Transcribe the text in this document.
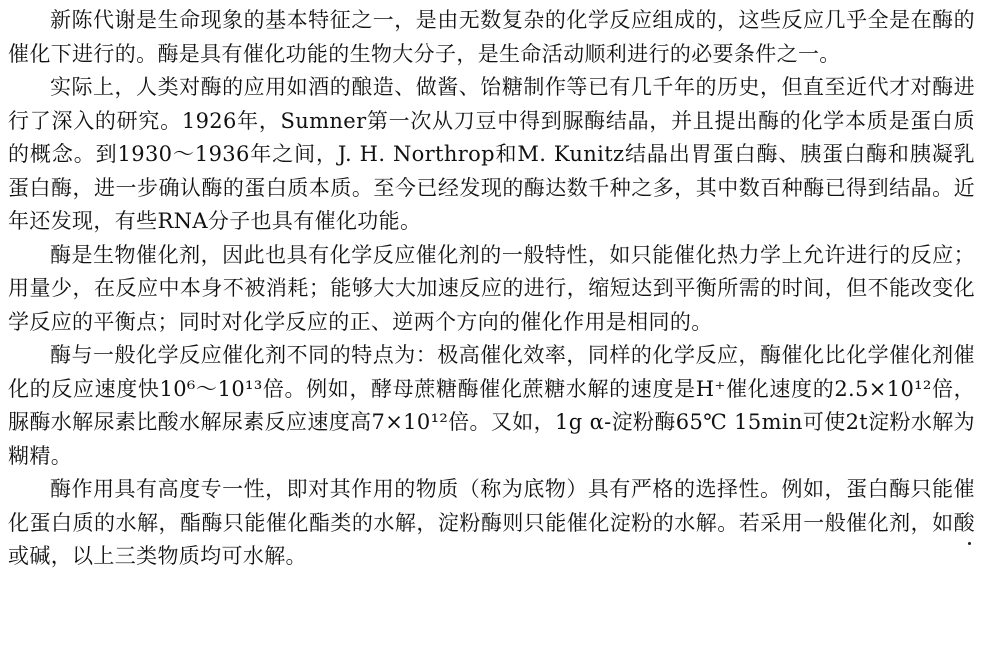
新陈代谢是生命现象的基本特征之一，是由无数复杂的化学反应组成的，这些反应几乎全是在酶的催化下进行的。酶是具有催化功能的生物大分子，是生命活动顺利进行的必要条件之一。

实际上，人类对酶的应用如酒的酿造、做酱、饴糖制作等已有几千年的历史，但直至近代才对酶进行了深入的研究。1926年，Sumner第一次从刀豆中得到脲酶结晶，并且提出酶的化学本质是蛋白质的概念。到1930～1936年之间，J. H. Northrop和M. Kunitz结晶出胃蛋白酶、胰蛋白酶和胰凝乳蛋白酶，进一步确认酶的蛋白质本质。至今已经发现的酶达数千种之多，其中数百种酶已得到结晶。近年还发现，有些RNA分子也具有催化功能。

酶是生物催化剂，因此也具有化学反应催化剂的一般特性，如只能催化热力学上允许进行的反应；用量少，在反应中本身不被消耗；能够大大加速反应的进行，缩短达到平衡所需的时间，但不能改变化学反应的平衡点；同时对化学反应的正、逆两个方向的催化作用是相同的。

酶与一般化学反应催化剂不同的特点为：极高催化效率，同样的化学反应，酶催化比化学催化剂催化的反应速度快10⁶～10¹³倍。例如，酵母蔗糖酶催化蔗糖水解的速度是H⁺催化速度的2.5×10¹²倍，脲酶水解尿素比酸水解尿素反应速度高7×10¹²倍。又如，1g α-淀粉酶65℃ 15min可使2t淀粉水解为糊精。

酶作用具有高度专一性，即对其作用的物质（称为底物）具有严格的选择性。例如，蛋白酶只能催化蛋白质的水解，酯酶只能催化酯类的水解，淀粉酶则只能催化淀粉的水解。若采用一般催化剂，如酸或碱，以上三类物质均可水解。
